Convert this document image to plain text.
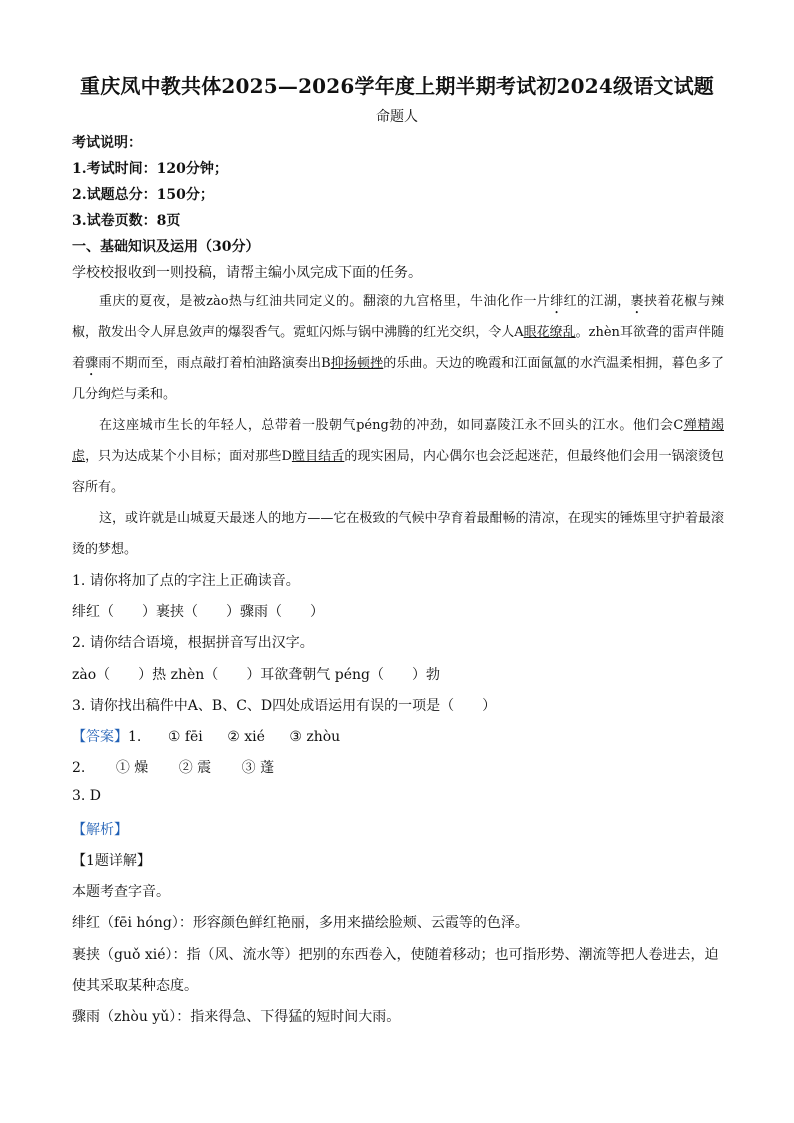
重庆凤中教共体2025—2026学年度上期半期考试初2024级语文试题
命题人
考试说明：
1.考试时间：120分钟；
2.试题总分：150分；
3.试卷页数：8页
一、基础知识及运用（30分）
学校校报收到一则投稿，请帮主编小凤完成下面的任务。

重庆的夏夜，是被zào热与红油共同定义的。翻滚的九宫格里，牛油化作一片绯红的江湖，裹挟着花椒与辣椒，散发出令人屏息敛声的爆裂香气。霓虹闪烁与锅中沸腾的红光交织，令人A眼花缭乱。zhèn耳欲聋的雷声伴随着骤雨不期而至，雨点敲打着柏油路演奏出B抑扬顿挫的乐曲。天边的晚霞和江面氤氲的水汽温柔相拥，暮色多了几分绚烂与柔和。

在这座城市生长的年轻人，总带着一股朝气péng勃的冲劲，如同嘉陵江永不回头的江水。他们会C殚精竭虑，只为达成某个小目标；面对那些D瞠目结舌的现实困局，内心偶尔也会泛起迷茫，但最终他们会用一锅滚烫包容所有。

这，或许就是山城夏天最迷人的地方——它在极致的气候中孕育着最酣畅的清凉，在现实的锤炼里守护着最滚烫的梦想。

1. 请你将加了点的字注上正确读音。
绯红（ ）裹挟（ ）骤雨（ ）
2. 请你结合语境，根据拼音写出汉字。
zào（ ）热 zhèn（ ）耳欲聋朝气 péng（ ）勃
3. 请你找出稿件中A、B、C、D四处成语运用有误的一项是（ ）
【答案】1. ① fēi ② xié ③ zhòu
2. ① 燥 ② 震 ③ 蓬
3. D
【解析】
【1题详解】
本题考查字音。
绯红（fēi hóng）：形容颜色鲜红艳丽，多用来描绘脸颊、云霞等的色泽。
裹挟（guǒ xié）：指（风、流水等）把别的东西卷入，使随着移动；也可指形势、潮流等把人卷进去，迫
使其采取某种态度。
骤雨（zhòu yǔ）：指来得急、下得猛的短时间大雨。
